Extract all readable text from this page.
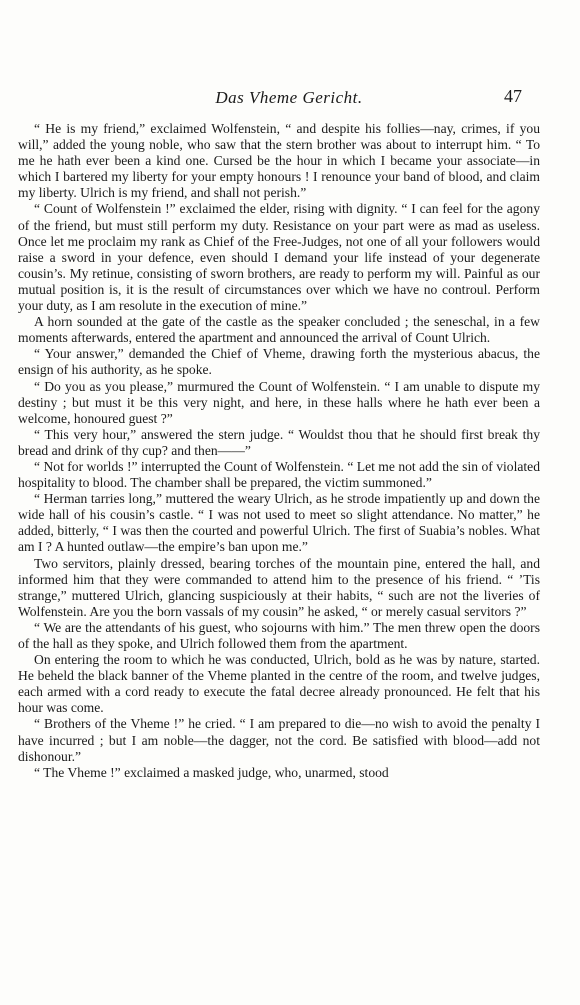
Das Vheme Gericht.	47

“ He is my friend,” exclaimed Wolfenstein, “ and despite his follies—nay, crimes, if you will,” added the young noble, who saw that the stern brother was about to interrupt him. “ To me he hath ever been a kind one. Cursed be the hour in which I became your associate—in which I bartered my liberty for your empty honours ! I renounce your band of blood, and claim my liberty. Ulrich is my friend, and shall not perish.”

“ Count of Wolfenstein !” exclaimed the elder, rising with dignity. “ I can feel for the agony of the friend, but must still perform my duty. Resistance on your part were as mad as useless. Once let me proclaim my rank as Chief of the Free-Judges, not one of all your followers would raise a sword in your defence, even should I demand your life instead of your degenerate cousin’s. My retinue, consisting of sworn brothers, are ready to perform my will. Painful as our mutual position is, it is the result of circumstances over which we have no controul. Perform your duty, as I am resolute in the execution of mine.”

A horn sounded at the gate of the castle as the speaker concluded ; the seneschal, in a few moments afterwards, entered the apartment and announced the arrival of Count Ulrich.

“ Your answer,” demanded the Chief of Vheme, drawing forth the mysterious abacus, the ensign of his authority, as he spoke.

“ Do you as you please,” murmured the Count of Wolfenstein. “ I am unable to dispute my destiny ; but must it be this very night, and here, in these halls where he hath ever been a welcome, honoured guest ?”

“ This very hour,” answered the stern judge. “ Wouldst thou that he should first break thy bread and drink of thy cup? and then——”

“ Not for worlds !” interrupted the Count of Wolfenstein. “ Let me not add the sin of violated hospitality to blood. The chamber shall be prepared, the victim summoned.”

“ Herman tarries long,” muttered the weary Ulrich, as he strode impatiently up and down the wide hall of his cousin’s castle. “ I was not used to meet so slight attendance. No matter,” he added, bitterly, “ I was then the courted and powerful Ulrich. The first of Suabia’s nobles. What am I ? A hunted outlaw—the empire’s ban upon me.”

Two servitors, plainly dressed, bearing torches of the mountain pine, entered the hall, and informed him that they were commanded to attend him to the presence of his friend. “ ’Tis strange,” muttered Ulrich, glancing suspiciously at their habits, “ such are not the liveries of Wolfenstein. Are you the born vassals of my cousin” he asked, “ or merely casual servitors ?”

“ We are the attendants of his guest, who sojourns with him.” The men threw open the doors of the hall as they spoke, and Ulrich followed them from the apartment.

On entering the room to which he was conducted, Ulrich, bold as he was by nature, started. He beheld the black banner of the Vheme planted in the centre of the room, and twelve judges, each armed with a cord ready to execute the fatal decree already pronounced. He felt that his hour was come.

“ Brothers of the Vheme !” he cried. “ I am prepared to die—no wish to avoid the penalty I have incurred ; but I am noble—the dagger, not the cord. Be satisfied with blood—add not dishonour.”

“ The Vheme !” exclaimed a masked judge, who, unarmed, stood
